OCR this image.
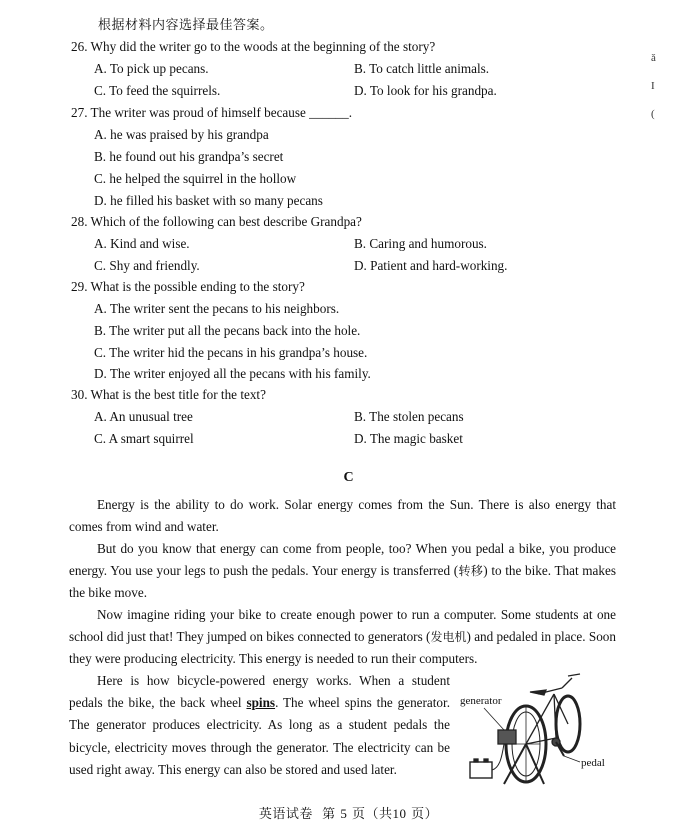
根据材料内容选择最佳答案。
ǎ
I
(
26. Why did the writer go to the woods at the beginning of the story?
A. To pick up pecans.	B. To catch little animals.
C. To feed the squirrels.	D. To look for his grandpa.
27. The writer was proud of himself because ______.
A. he was praised by his grandpa
B. he found out his grandpa’s secret
C. he helped the squirrel in the hollow
D. he filled his basket with so many pecans
28. Which of the following can best describe Grandpa?
A. Kind and wise.	B. Caring and humorous.
C. Shy and friendly.	D. Patient and hard-working.
29. What is the possible ending to the story?
A. The writer sent the pecans to his neighbors.
B. The writer put all the pecans back into the hole.
C. The writer hid the pecans in his grandpa’s house.
D. The writer enjoyed all the pecans with his family.
30. What is the best title for the text?
A. An unusual tree	B. The stolen pecans
C. A smart squirrel	D. The magic basket
C
Energy is the ability to do work. Solar energy comes from the Sun. There is also energy that comes from wind and water.
But do you know that energy can come from people, too? When you pedal a bike, you produce energy. You use your legs to push the pedals. Your energy is transferred (转移) to the bike. That makes the bike move.
Now imagine riding your bike to create enough power to run a computer. Some students at one school did just that! They jumped on bikes connected to generators (发电机) and pedaled in place. Soon they were producing electricity. This energy is needed to run their computers.
Here is how bicycle-powered energy works. When a student pedals the bike, the back wheel spins. The wheel spins the generator. The generator produces electricity. As long as a student pedals the bicycle, electricity moves through the generator. The electricity can be used right away. This energy can also be stored and used later.
generator
pedal
英语试卷 第 5 页（共10 页）
